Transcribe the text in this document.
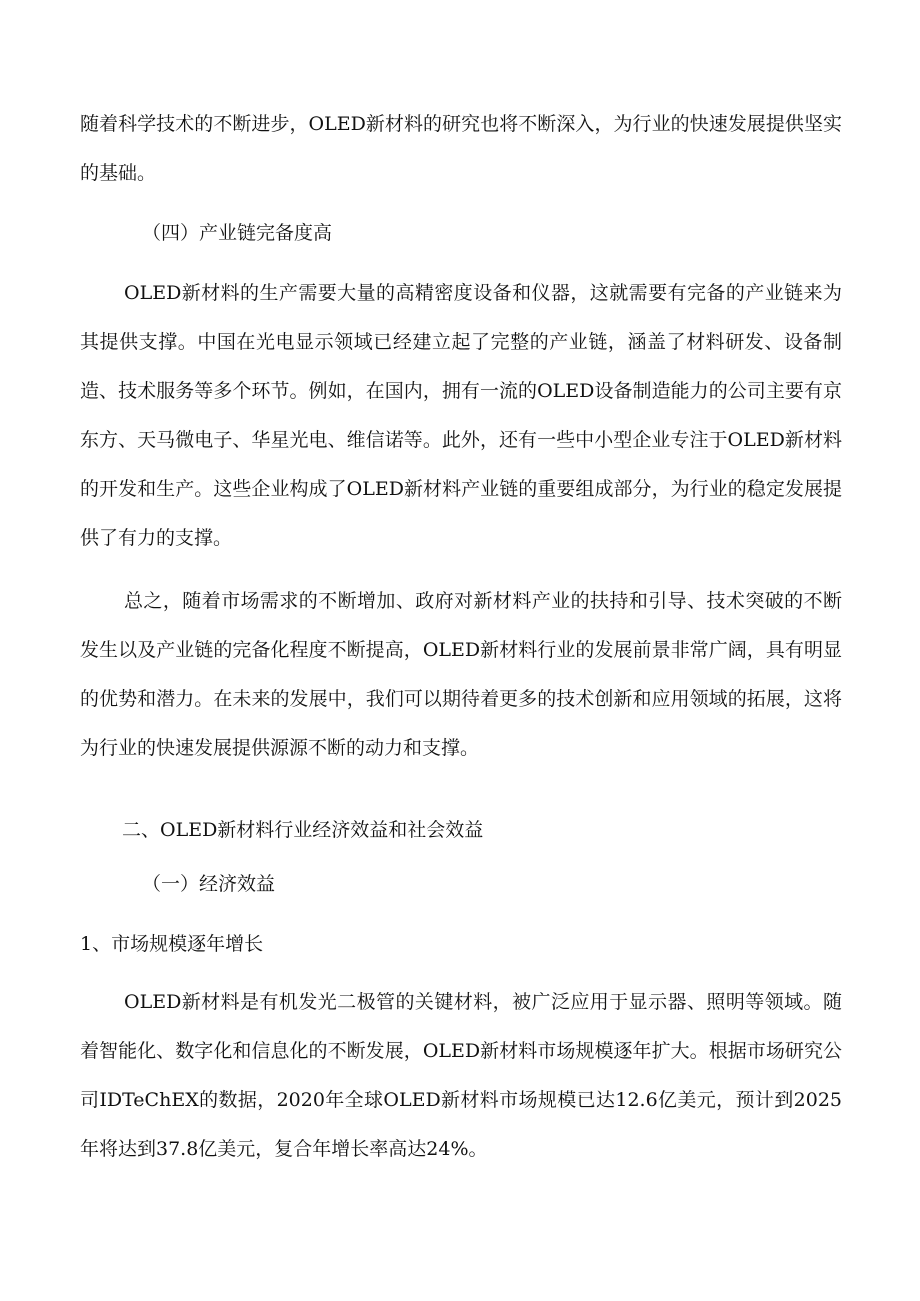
随着科学技术的不断进步，OLED新材料的研究也将不断深入，为行业的快速发展提供坚实的基础。

（四）产业链完备度高

OLED新材料的生产需要大量的高精密度设备和仪器，这就需要有完备的产业链来为其提供支撑。中国在光电显示领域已经建立起了完整的产业链，涵盖了材料研发、设备制造、技术服务等多个环节。例如，在国内，拥有一流的OLED设备制造能力的公司主要有京东方、天马微电子、华星光电、维信诺等。此外，还有一些中小型企业专注于OLED新材料的开发和生产。这些企业构成了OLED新材料产业链的重要组成部分，为行业的稳定发展提供了有力的支撑。

总之，随着市场需求的不断增加、政府对新材料产业的扶持和引导、技术突破的不断发生以及产业链的完备化程度不断提高，OLED新材料行业的发展前景非常广阔，具有明显的优势和潜力。在未来的发展中，我们可以期待着更多的技术创新和应用领域的拓展，这将为行业的快速发展提供源源不断的动力和支撑。

二、OLED新材料行业经济效益和社会效益

（一）经济效益

1、市场规模逐年增长

OLED新材料是有机发光二极管的关键材料，被广泛应用于显示器、照明等领域。随着智能化、数字化和信息化的不断发展，OLED新材料市场规模逐年扩大。根据市场研究公司IDTeChEX的数据，2020年全球OLED新材料市场规模已达12.6亿美元，预计到2025年将达到37.8亿美元，复合年增长率高达24%。
